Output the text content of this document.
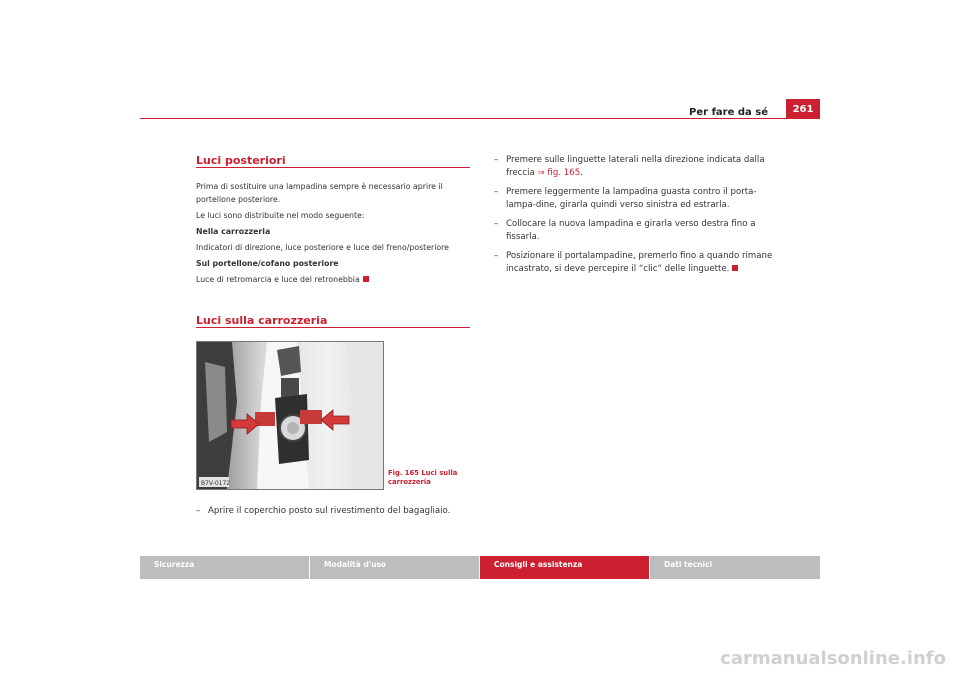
Per fare da sé	261
Luci posteriori

Prima di sostituire una lampadina sempre è necessario aprire il portellone posteriore.

Le luci sono distribuite nel modo seguente:

Nella carrozzeria

Indicatori di direzione, luce posteriore e luce del freno/posteriore

Sul portellone/cofano posteriore

Luce di retromarcia e luce del retronebbia

Luci sulla carrozzeria
B7V-0172
Fig. 165 Luci sulla
carrozzeria
– Aprire il coperchio posto sul rivestimento del bagagliaio.
– Premere sulle linguette laterali nella direzione indicata dalla freccia ⇒ fig. 165.
– Premere leggermente la lampadina guasta contro il porta-lampa-dine, girarla quindi verso sinistra ed estrarla.
– Collocare la nuova lampadina e girarla verso destra fino a fissarla.
– Posizionare il portalampadine, premerlo fino a quando rimane incastrato, si deve percepire il “clic“ delle linguette.
Sicurezza	Modalità d'uso	Consigli e assistenza	Dati tecnici
carmanualsonline.info
